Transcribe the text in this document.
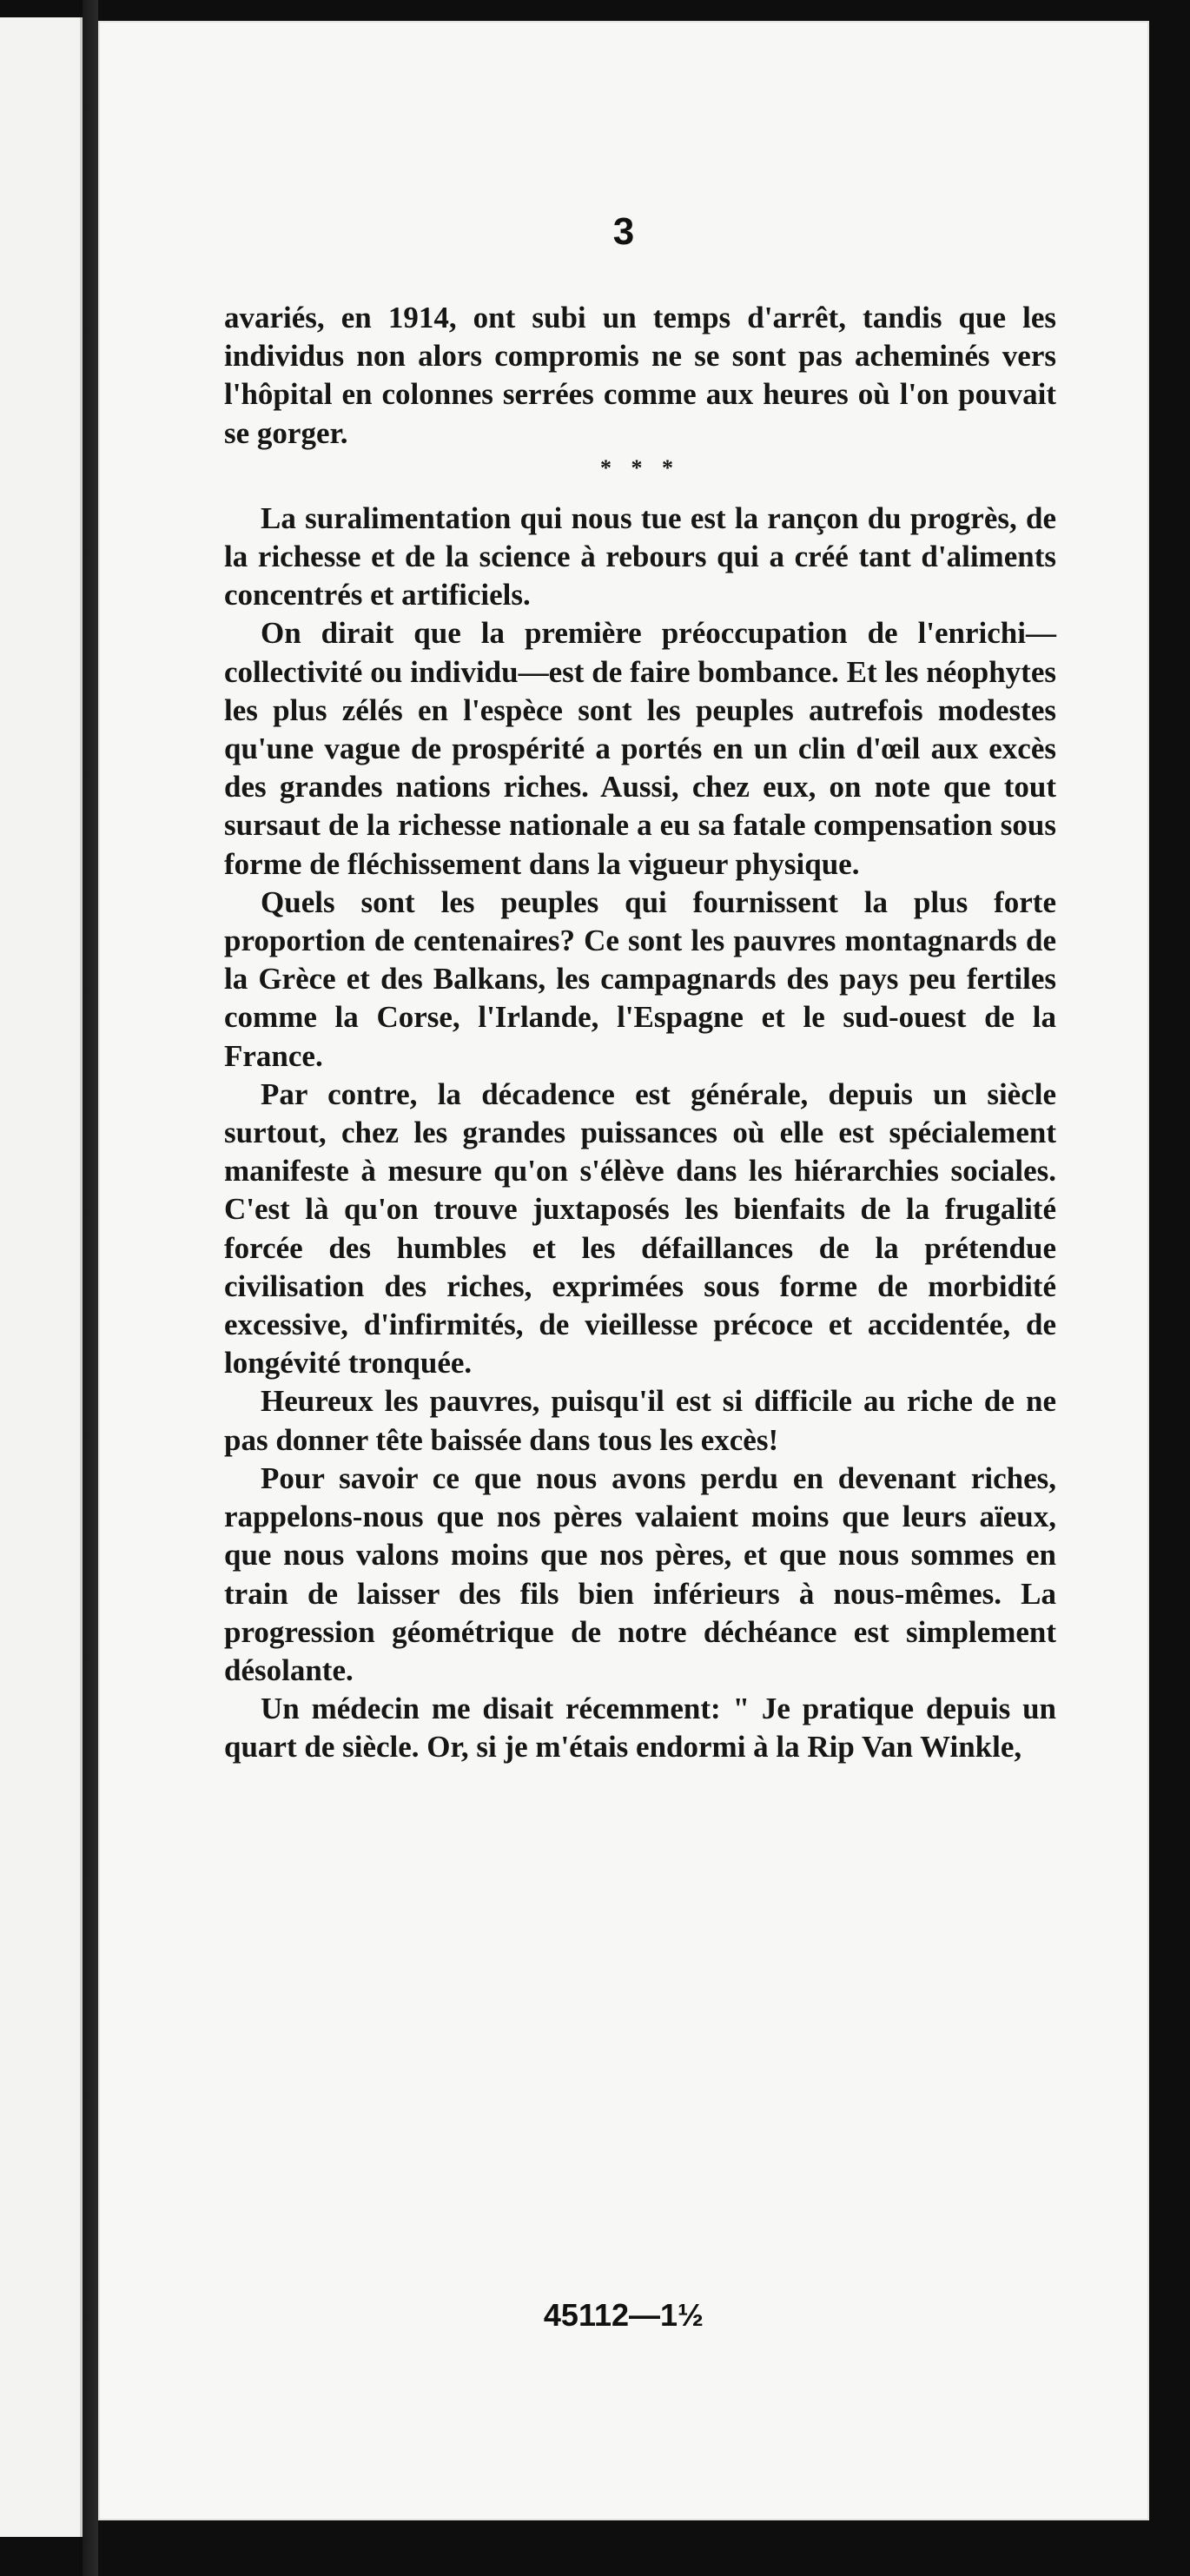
3

avariés, en 1914, ont subi un temps d'arrêt, tandis que les individus non alors compromis ne se sont pas acheminés vers l'hôpital en colonnes serrées comme aux heures où l'on pouvait se gorger.

* * *

La suralimentation qui nous tue est la rançon du progrès, de la richesse et de la science à rebours qui a créé tant d'aliments concentrés et artificiels.

On dirait que la première préoccupation de l'enrichi—collectivité ou individu—est de faire bombance. Et les néophytes les plus zélés en l'espèce sont les peuples autrefois modestes qu'une vague de prospérité a portés en un clin d'œil aux excès des grandes nations riches. Aussi, chez eux, on note que tout sursaut de la richesse nationale a eu sa fatale compensation sous forme de fléchissement dans la vigueur physique.

Quels sont les peuples qui fournissent la plus forte proportion de centenaires? Ce sont les pauvres montagnards de la Grèce et des Balkans, les campagnards des pays peu fertiles comme la Corse, l'Irlande, l'Espagne et le sud-ouest de la France.

Par contre, la décadence est générale, depuis un siècle surtout, chez les grandes puissances où elle est spécialement manifeste à mesure qu'on s'élève dans les hiérarchies sociales. C'est là qu'on trouve juxtaposés les bienfaits de la frugalité forcée des humbles et les défaillances de la prétendue civilisation des riches, exprimées sous forme de morbidité excessive, d'infirmités, de vieillesse précoce et accidentée, de longévité tronquée.

Heureux les pauvres, puisqu'il est si difficile au riche de ne pas donner tête baissée dans tous les excès!

Pour savoir ce que nous avons perdu en devenant riches, rappelons-nous que nos pères valaient moins que leurs aïeux, que nous valons moins que nos pères, et que nous sommes en train de laisser des fils bien inférieurs à nous-mêmes. La progression géométrique de notre déchéance est simplement désolante.

Un médecin me disait récemment: " Je pratique depuis un quart de siècle. Or, si je m'étais endormi à la Rip Van Winkle,

45112—1½
